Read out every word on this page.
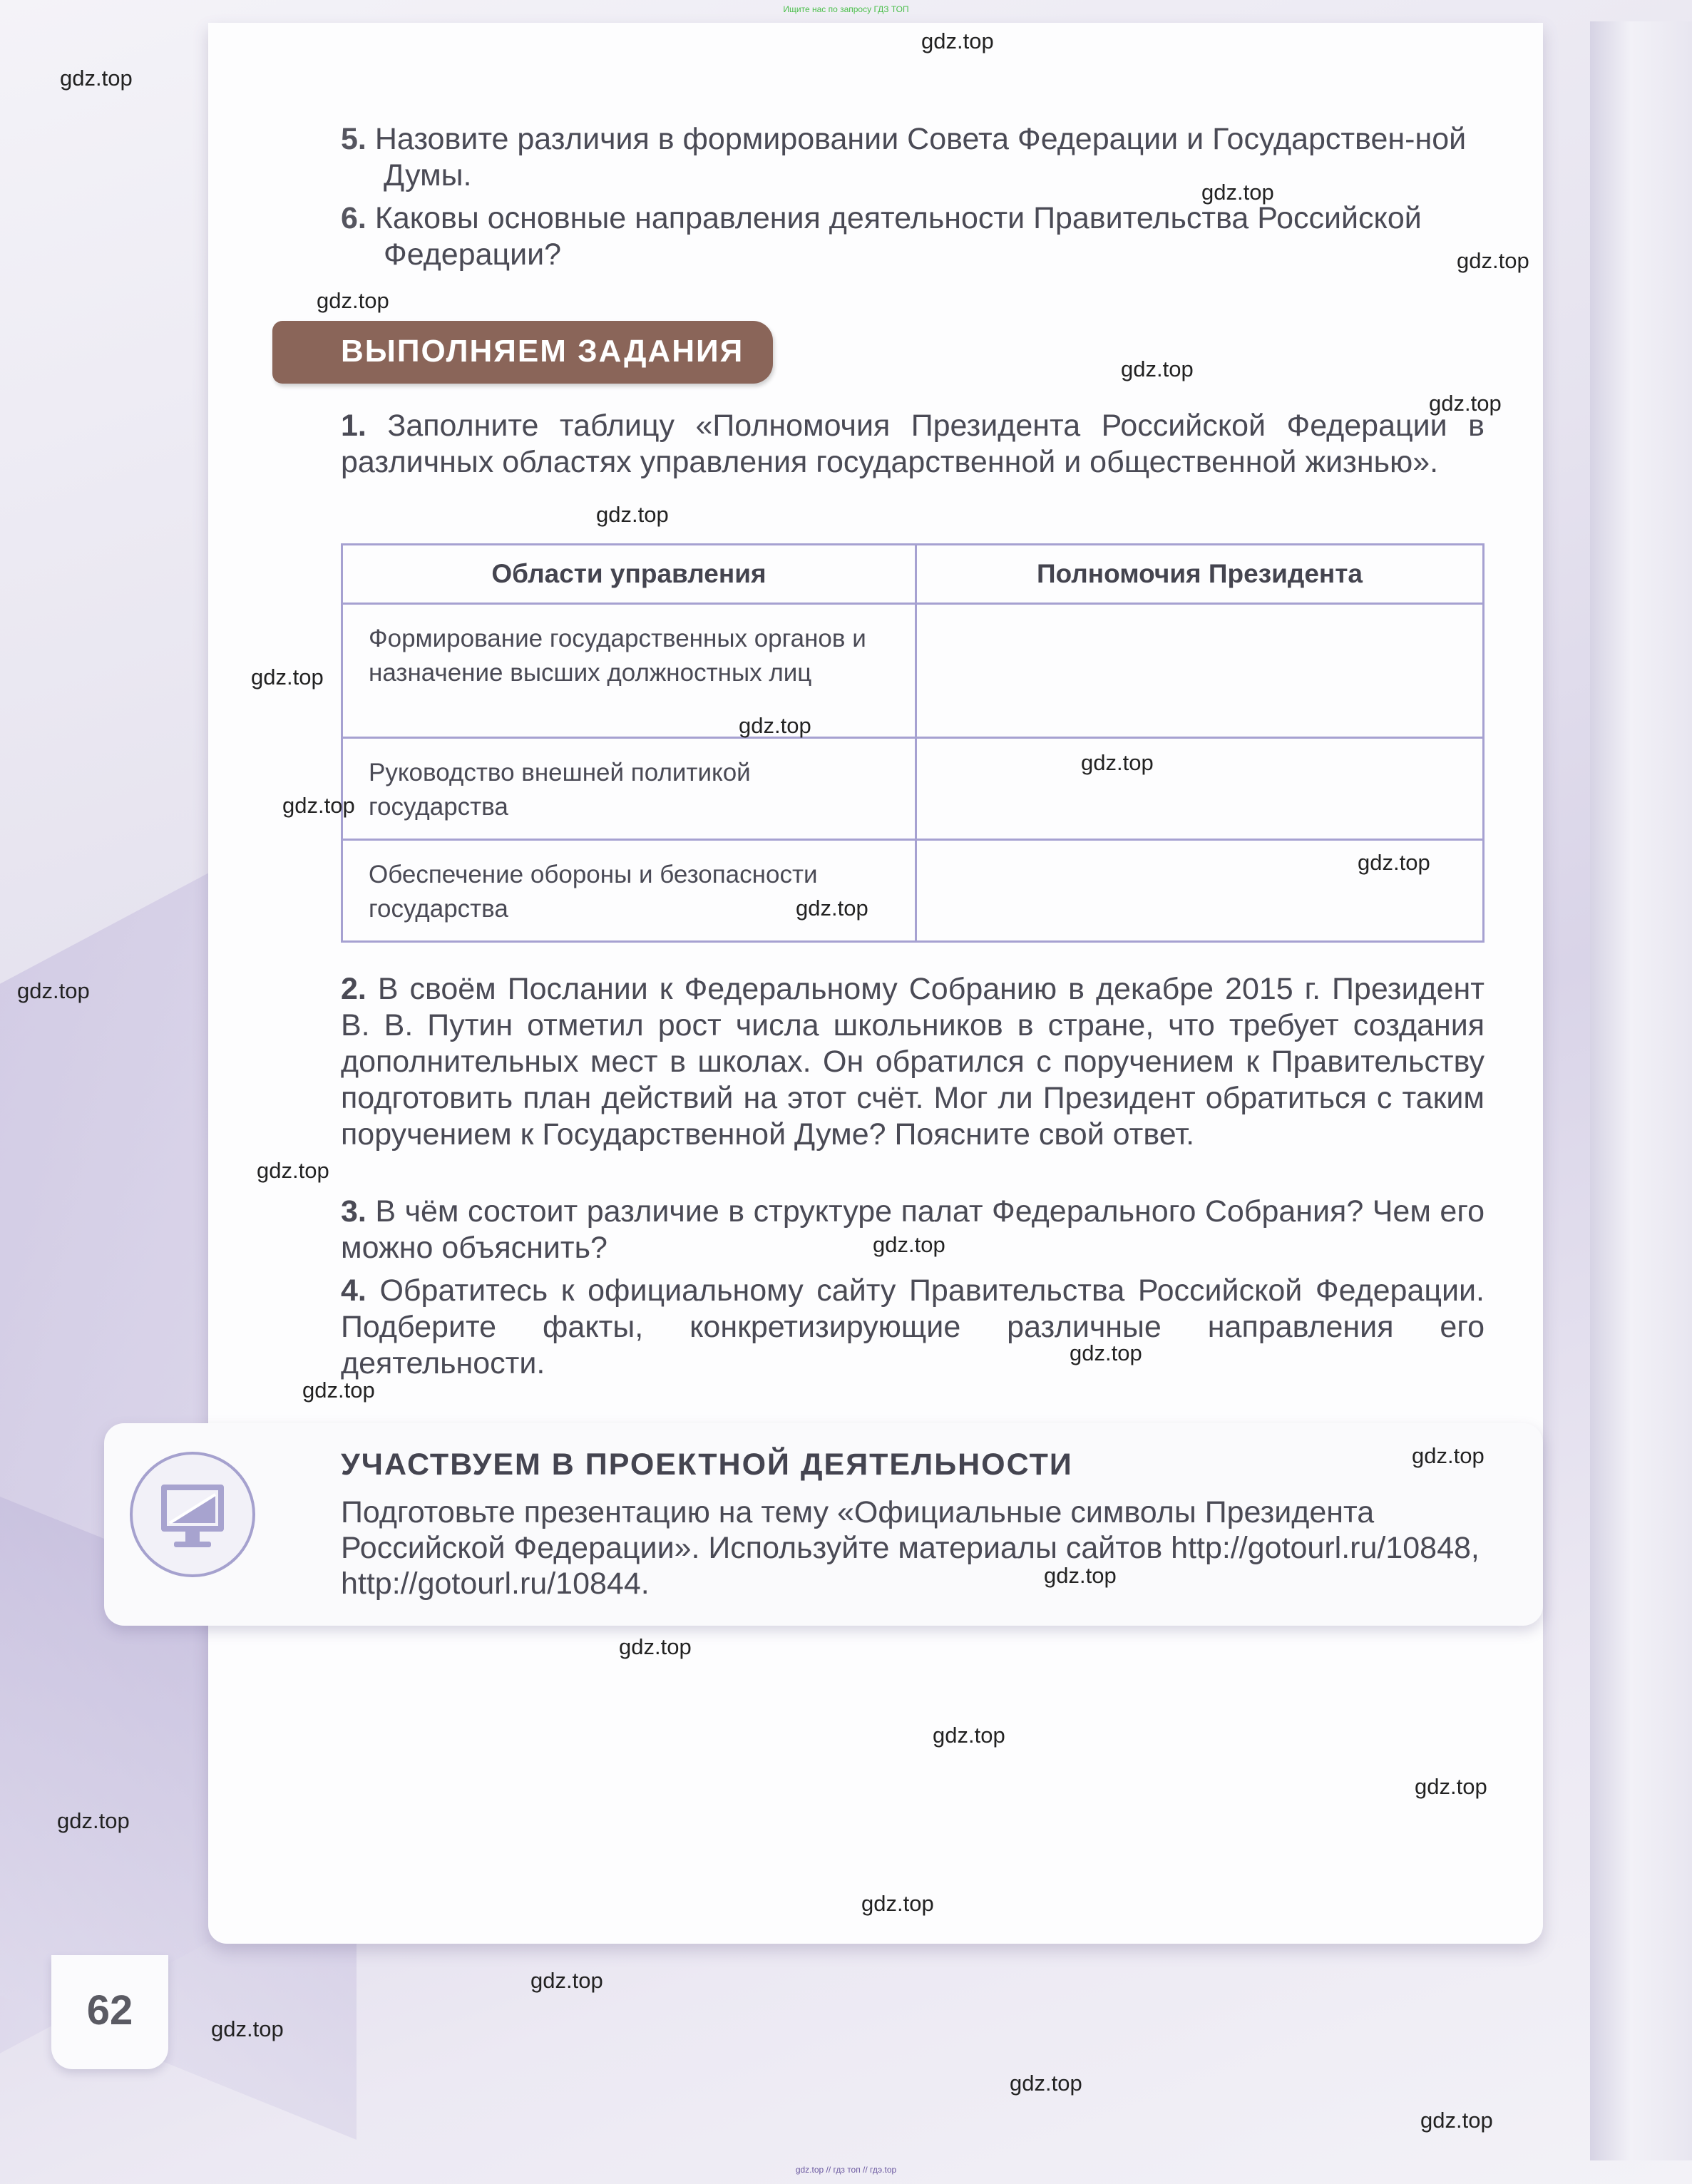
Ищите нас по запросу ГДЗ ТОП
5. Назовите различия в формировании Совета Федерации и Государствен-ной Думы.
6. Каковы основные направления деятельности Правительства Российской Федерации?
ВЫПОЛНЯЕМ ЗАДАНИЯ
1. Заполните таблицу «Полномочия Президента Российской Федерации в различных областях управления государственной и общественной жизнью».
Области управления	Полномочия Президента
Формирование государственных органов и назначение высших должностных лиц	
Руководство внешней политикой государства	
Обеспечение обороны и безопасности государства	
2. В своём Послании к Федеральному Собранию в декабре 2015 г. Президент В. В. Путин отметил рост числа школьников в стране, что требует создания дополнительных мест в школах. Он обратился с поручением к Правительству подготовить план действий на этот счёт. Мог ли Президент обратиться с таким поручением к Государственной Думе? Поясните свой ответ.
3. В чём состоит различие в структуре палат Федерального Собрания? Чем его можно объяснить?
4. Обратитесь к официальному сайту Правительства Российской Федерации. Подберите факты, конкретизирующие различные направления его деятельности.
УЧАСТВУЕМ В ПРОЕКТНОЙ ДЕЯТЕЛЬНОСТИ
Подготовьте презентацию на тему «Официальные символы Президента Российской Федерации». Используйте материалы сайтов http://gotourl.ru/10848, http://gotourl.ru/10844.
62
gdz.top
gdz.top
gdz.top
gdz.top
gdz.top
gdz.top
gdz.top
gdz.top
gdz.top
gdz.top
gdz.top
gdz.top
gdz.top
gdz.top
gdz.top
gdz.top
gdz.top
gdz.top
gdz.top
gdz.top
gdz.top
gdz.top
gdz.top
gdz.top
gdz.top
gdz.top
gdz.top
gdz.top
gdz.top
gdz.top
gdz.top // гдз топ // гдэ.top
